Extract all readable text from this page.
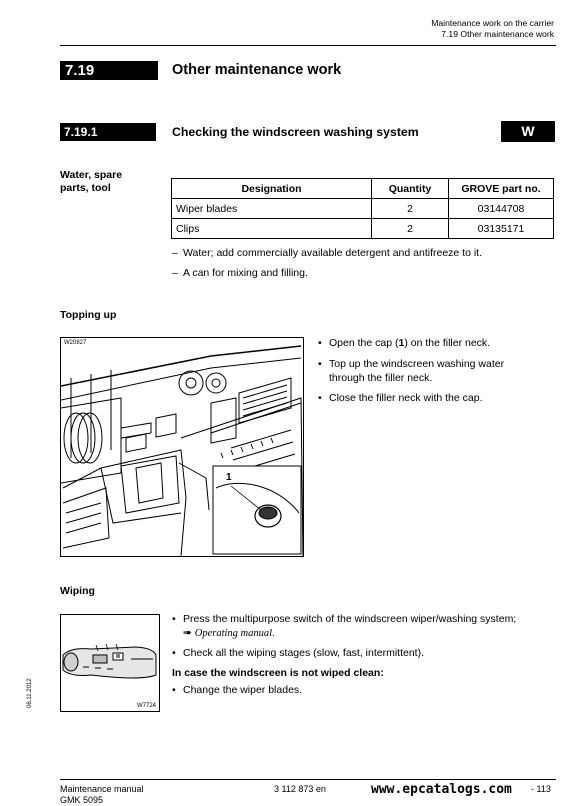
Maintenance work on the carrier
7.19 Other maintenance work
7.19	Other maintenance work
7.19.1	Checking the windscreen washing system	W
Water, spare
parts, tool	Designation	Quantity	GROVE part no.
Wiper blades	2	03144708
Clips	2	03135171
– Water; add commercially available detergent and antifreeze to it.
– A can for mixing and filling.
Topping up
W20827
1
• Open the cap (1) on the filler neck.
• Top up the windscreen washing water
through the filler neck.
• Close the filler neck with the cap.
Wiping
W7724
• Press the multipurpose switch of the windscreen wiper/washing system;
➠ Operating manual.
• Check all the wiping stages (slow, fast, intermittent).
In case the windscreen is not wiped clean:
• Change the wiper blades.
06.11.2012
Maintenance manual
GMK 5095
3 112 873 en	www.epcatalogs.com - 113
